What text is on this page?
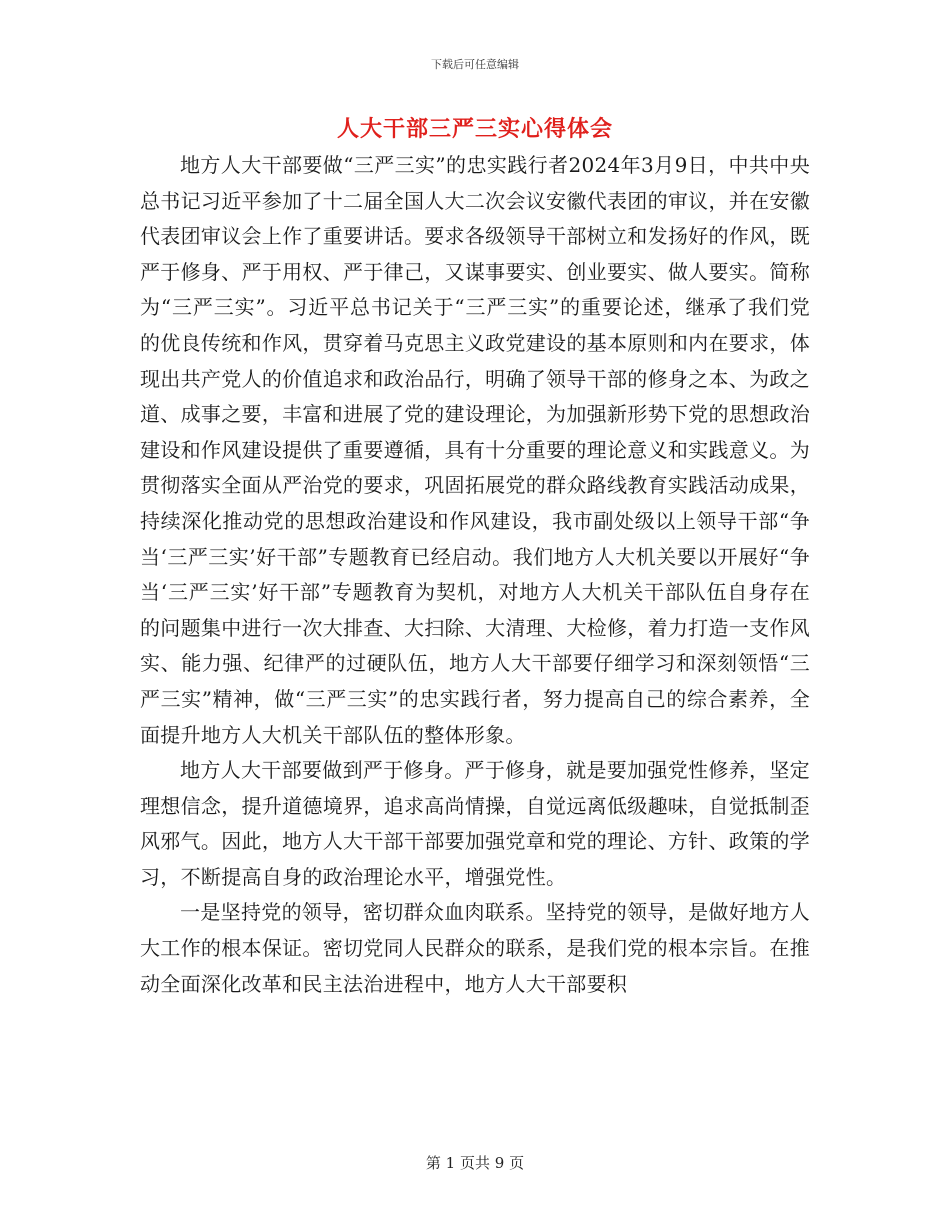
下载后可任意编辑
人大干部三严三实心得体会

地方人大干部要做“三严三实”的忠实践行者2024年3月9日，中共中央总书记习近平参加了十二届全国人大二次会议安徽代表团的审议，并在安徽代表团审议会上作了重要讲话。要求各级领导干部树立和发扬好的作风，既严于修身、严于用权、严于律己，又谋事要实、创业要实、做人要实。简称为“三严三实”。习近平总书记关于“三严三实”的重要论述，继承了我们党的优良传统和作风，贯穿着马克思主义政党建设的基本原则和内在要求，体现出共产党人的价值追求和政治品行，明确了领导干部的修身之本、为政之道、成事之要，丰富和进展了党的建设理论，为加强新形势下党的思想政治建设和作风建设提供了重要遵循，具有十分重要的理论意义和实践意义。为贯彻落实全面从严治党的要求，巩固拓展党的群众路线教育实践活动成果，持续深化推动党的思想政治建设和作风建设，我市副处级以上领导干部“争当‘三严三实’好干部”专题教育已经启动。我们地方人大机关要以开展好“争当‘三严三实’好干部”专题教育为契机，对地方人大机关干部队伍自身存在的问题集中进行一次大排查、大扫除、大清理、大检修，着力打造一支作风实、能力强、纪律严的过硬队伍，地方人大干部要仔细学习和深刻领悟“三严三实”精神，做“三严三实”的忠实践行者，努力提高自己的综合素养，全面提升地方人大机关干部队伍的整体形象。

地方人大干部要做到严于修身。严于修身，就是要加强党性修养，坚定理想信念，提升道德境界，追求高尚情操，自觉远离低级趣味，自觉抵制歪风邪气。因此，地方人大干部干部要加强党章和党的理论、方针、政策的学习，不断提高自身的政治理论水平，增强党性。

一是坚持党的领导，密切群众血肉联系。坚持党的领导，是做好地方人大工作的根本保证。密切党同人民群众的联系，是我们党的根本宗旨。在推动全面深化改革和民主法治进程中，地方人大干部要积

第 1 页共 9 页
